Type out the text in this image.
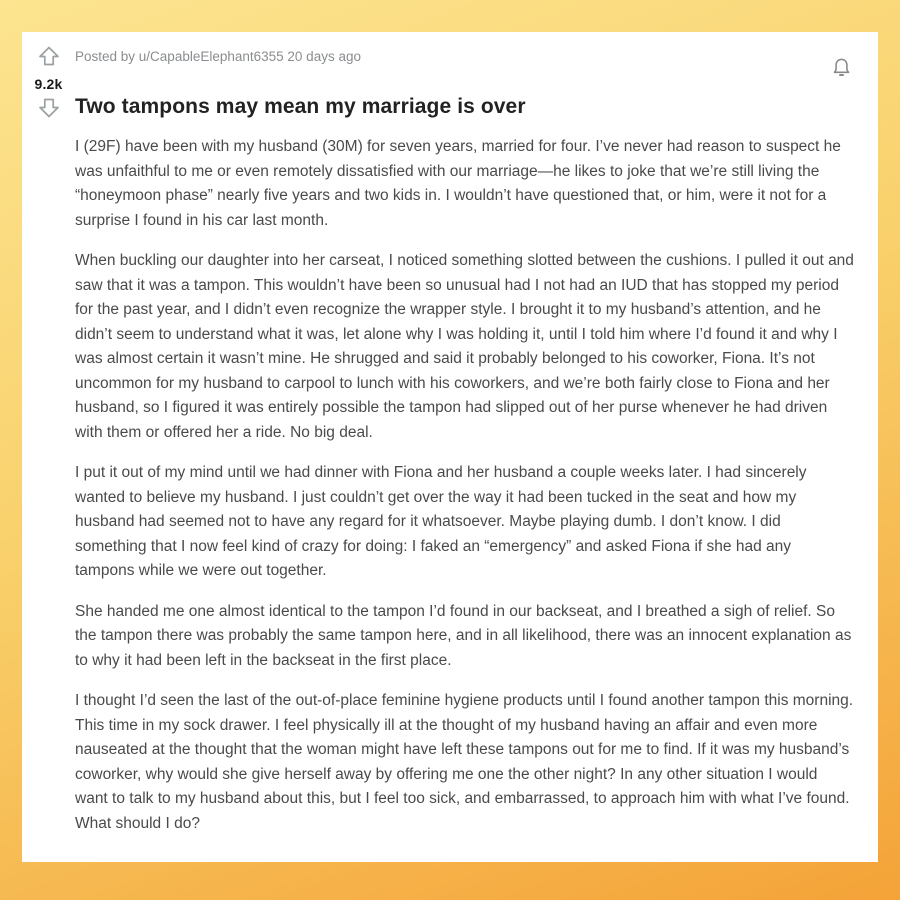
9.2k
Posted by u/CapableElephant6355 20 days ago
Two tampons may mean my marriage is over

I (29F) have been with my husband (30M) for seven years, married for four. I’ve never had reason to suspect he was unfaithful to me or even remotely dissatisfied with our marriage—he likes to joke that we’re still living the “honeymoon phase” nearly five years and two kids in. I wouldn’t have questioned that, or him, were it not for a surprise I found in his car last month.

When buckling our daughter into her carseat, I noticed something slotted between the cushions. I pulled it out and saw that it was a tampon. This wouldn’t have been so unusual had I not had an IUD that has stopped my period for the past year, and I didn’t even recognize the wrapper style. I brought it to my husband’s attention, and he didn’t seem to understand what it was, let alone why I was holding it, until I told him where I’d found it and why I was almost certain it wasn’t mine. He shrugged and said it probably belonged to his coworker, Fiona. It’s not uncommon for my husband to carpool to lunch with his coworkers, and we’re both fairly close to Fiona and her husband, so I figured it was entirely possible the tampon had slipped out of her purse whenever he had driven with them or offered her a ride. No big deal.

I put it out of my mind until we had dinner with Fiona and her husband a couple weeks later. I had sincerely wanted to believe my husband. I just couldn’t get over the way it had been tucked in the seat and how my husband had seemed not to have any regard for it whatsoever. Maybe playing dumb. I don’t know. I did something that I now feel kind of crazy for doing: I faked an “emergency” and asked Fiona if she had any tampons while we were out together.

She handed me one almost identical to the tampon I’d found in our backseat, and I breathed a sigh of relief. So the tampon there was probably the same tampon here, and in all likelihood, there was an innocent explanation as to why it had been left in the backseat in the first place.

I thought I’d seen the last of the out-of-place feminine hygiene products until I found another tampon this morning. This time in my sock drawer. I feel physically ill at the thought of my husband having an affair and even more nauseated at the thought that the woman might have left these tampons out for me to find. If it was my husband’s coworker, why would she give herself away by offering me one the other night? In any other situation I would want to talk to my husband about this, but I feel too sick, and embarrassed, to approach him with what I’ve found. What should I do?
